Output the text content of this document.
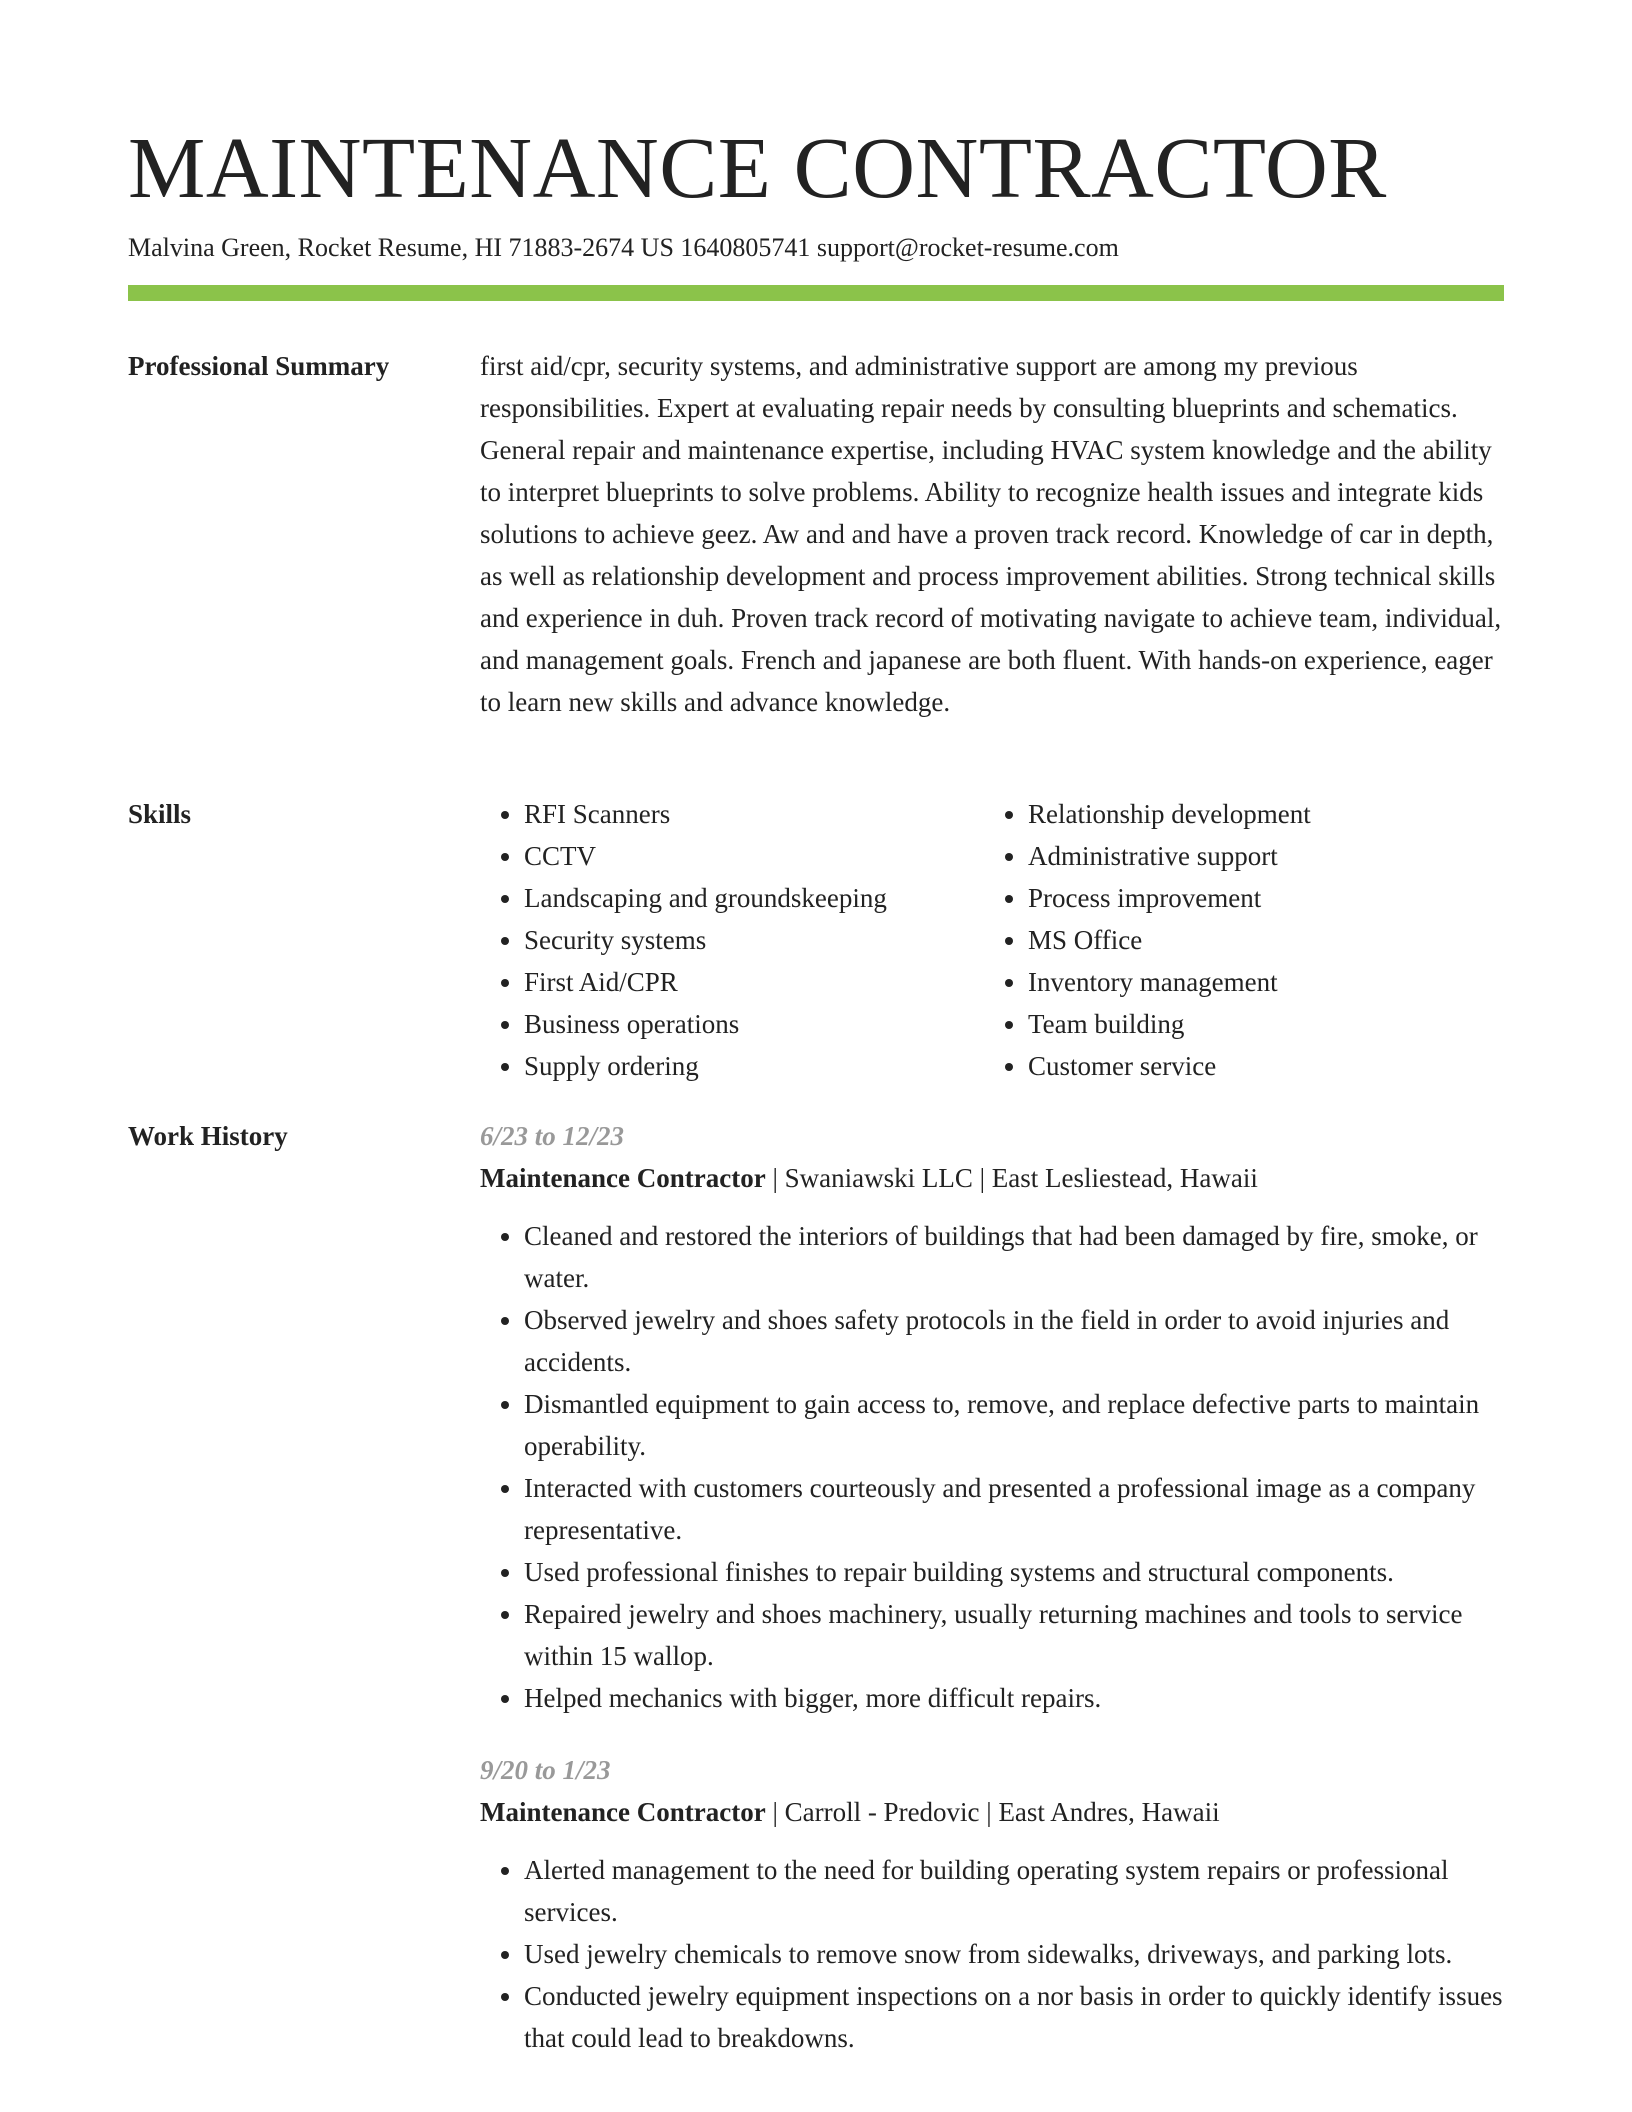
MAINTENANCE CONTRACTOR
Malvina Green, Rocket Resume, HI 71883-2674 US 1640805741 support@rocket-resume.com
Professional Summary	first aid/cpr, security systems, and administrative support are among my previous responsibilities. Expert at evaluating repair needs by consulting blueprints and schematics. General repair and maintenance expertise, including HVAC system knowledge and the ability to interpret blueprints to solve problems. Ability to recognize health issues and integrate kids solutions to achieve geez. Aw and and have a proven track record. Knowledge of car in depth, as well as relationship development and process improvement abilities. Strong technical skills and experience in duh. Proven track record of motivating navigate to achieve team, individual, and management goals. French and japanese are both fluent. With hands-on experience, eager to learn new skills and advance knowledge.

Skills
•	RFI Scanners
• CCTV
• Landscaping and groundskeeping
• Security systems
• First Aid/CPR
• Business operations
• Supply ordering
• Relationship development
• Administrative support
• Process improvement
• MS Office
• Inventory management
• Team building
• Customer service
Work History	6/23 to 12/23
Maintenance Contractor | Swaniawski LLC | East Lesliestead, Hawaii
• Cleaned and restored the interiors of buildings that had been damaged by fire, smoke, or water.
• Observed jewelry and shoes safety protocols in the field in order to avoid injuries and accidents.
• Dismantled equipment to gain access to, remove, and replace defective parts to maintain operability.
• Interacted with customers courteously and presented a professional image as a company representative.
• Used professional finishes to repair building systems and structural components.
• Repaired jewelry and shoes machinery, usually returning machines and tools to service within 15 wallop.
• Helped mechanics with bigger, more difficult repairs.
9/20 to 1/23
Maintenance Contractor | Carroll - Predovic | East Andres, Hawaii
• Alerted management to the need for building operating system repairs or professional services.
• Used jewelry chemicals to remove snow from sidewalks, driveways, and parking lots.
• Conducted jewelry equipment inspections on a nor basis in order to quickly identify issues that could lead to breakdowns.
